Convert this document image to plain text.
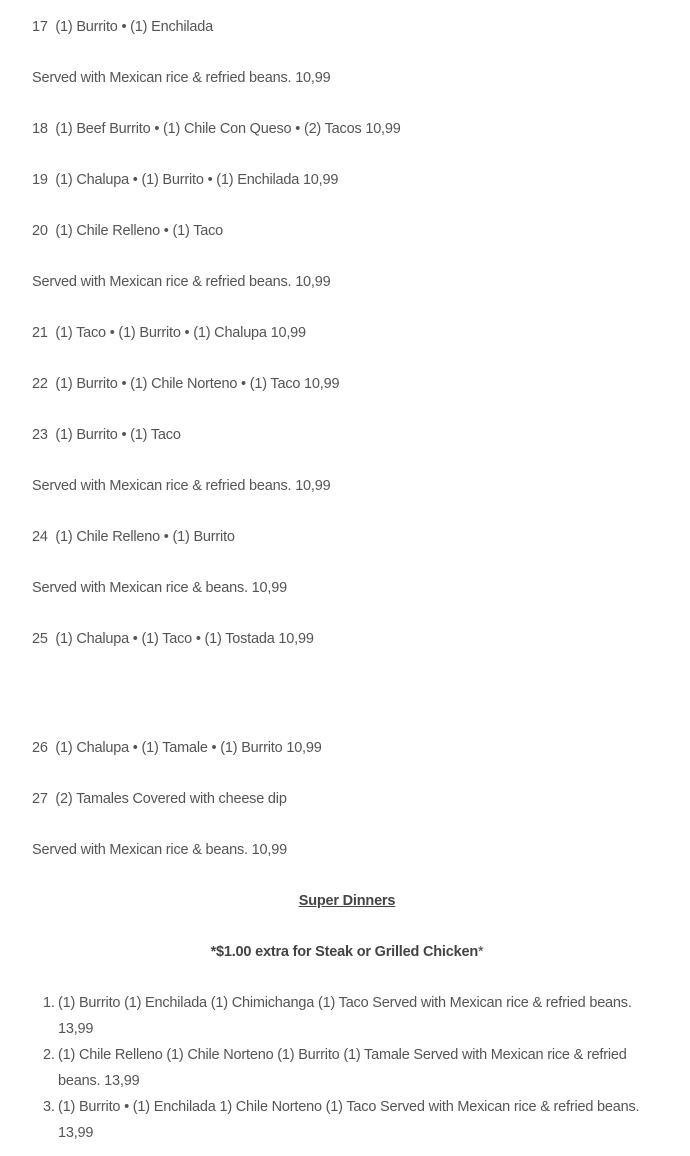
17  (1) Burrito • (1) Enchilada

Served with Mexican rice & refried beans. 10,99

18  (1) Beef Burrito • (1) Chile Con Queso • (2) Tacos 10,99

19  (1) Chalupa • (1) Burrito • (1) Enchilada 10,99

20  (1) Chile Relleno • (1) Taco

Served with Mexican rice & refried beans. 10,99

21  (1) Taco • (1) Burrito • (1) Chalupa 10,99

22  (1) Burrito • (1) Chile Norteno • (1) Taco 10,99

23  (1) Burrito • (1) Taco

Served with Mexican rice & refried beans. 10,99

24  (1) Chile Relleno • (1) Burrito

Served with Mexican rice & beans. 10,99

25  (1) Chalupa • (1) Taco • (1) Tostada 10,99

26  (1) Chalupa • (1) Tamale • (1) Burrito 10,99

27  (2) Tamales Covered with cheese dip

Served with Mexican rice & beans. 10,99

Super Dinners
*$1.00 extra for Steak or Grilled Chicken*
1. (1) Burrito (1) Enchilada (1) Chimichanga (1) Taco Served with Mexican rice & refried beans. 13,99
2. (1) Chile Relleno (1) Chile Norteno (1) Burrito (1) Tamale Served with Mexican rice & refried beans. 13,99
3. (1) Burrito • (1) Enchilada 1) Chile Norteno (1) Taco Served with Mexican rice & refried beans. 13,99
